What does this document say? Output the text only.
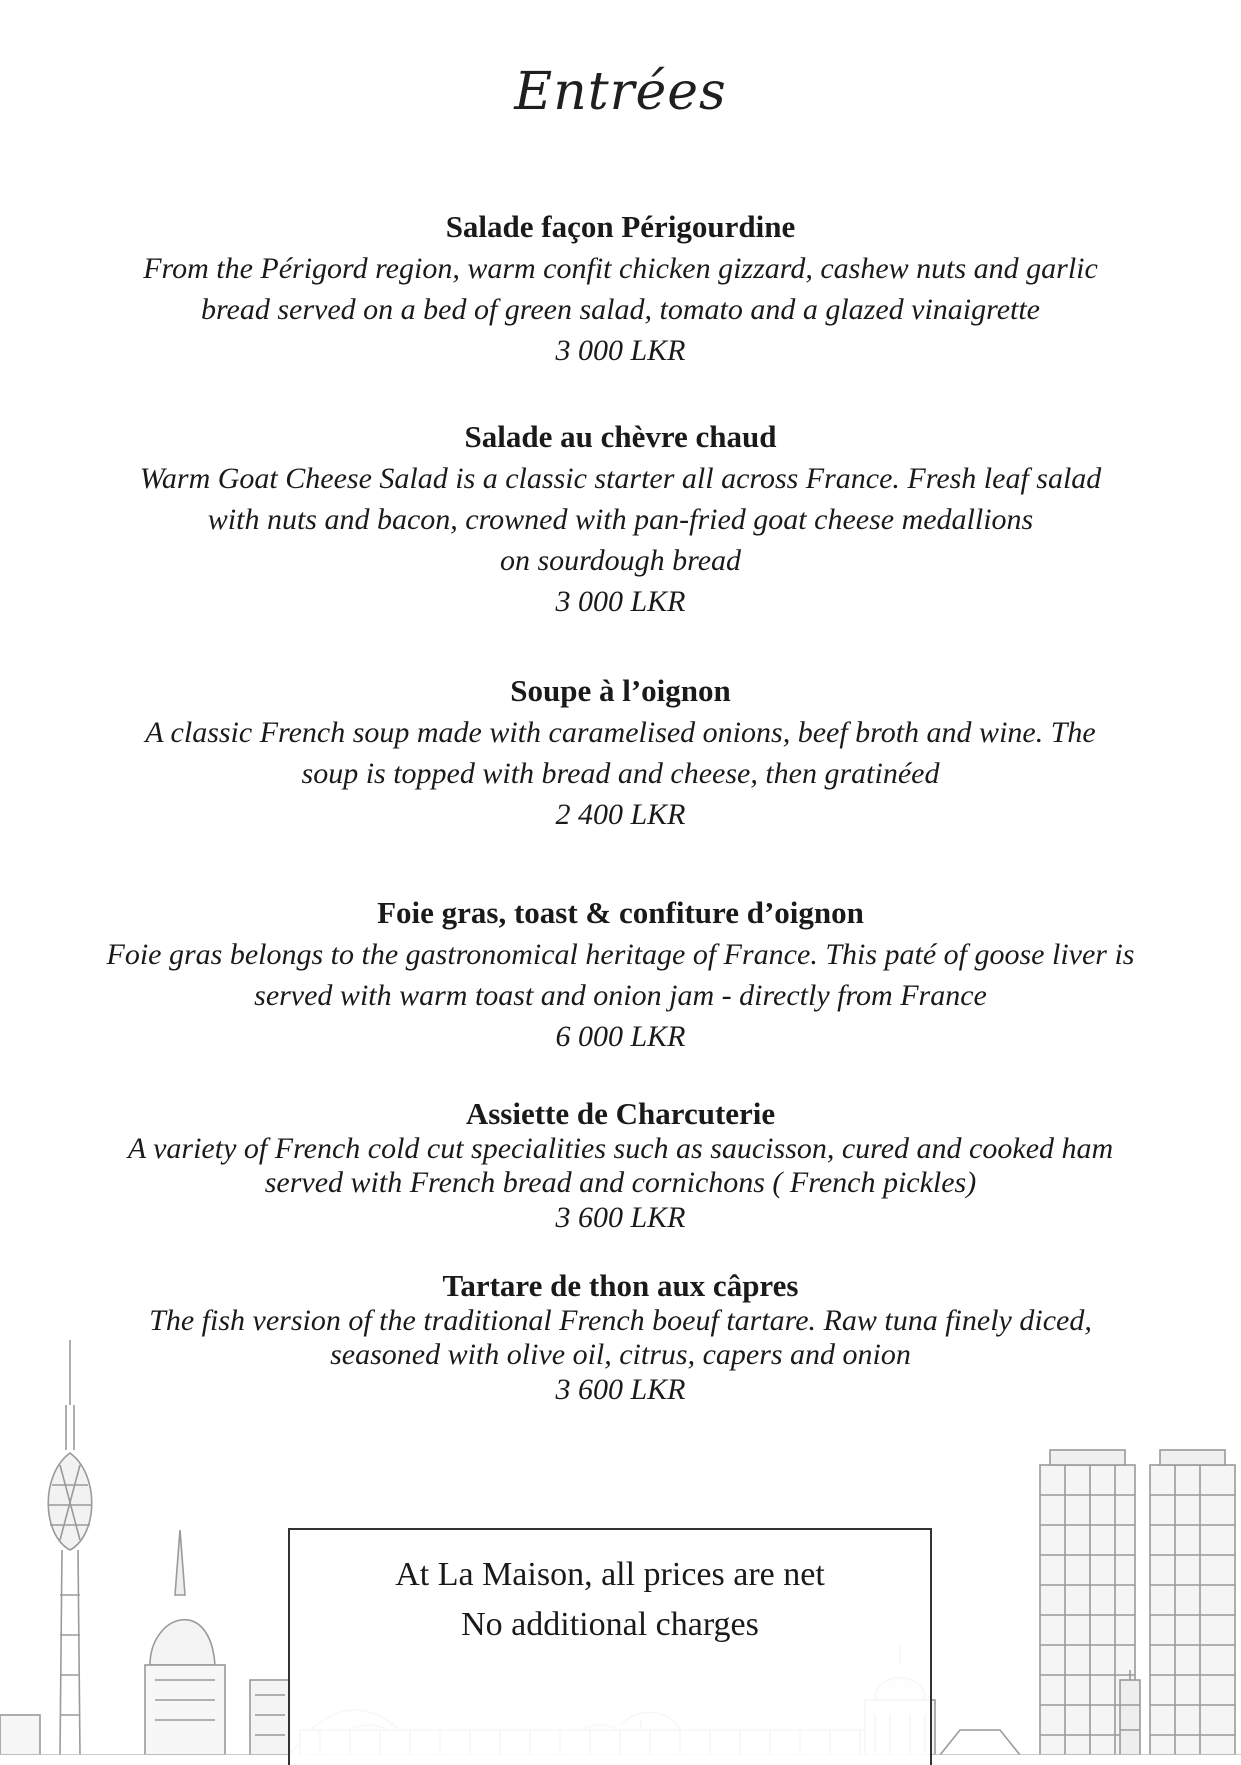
Entrées
Salade façon Périgourdine
From the Périgord region, warm confit chicken gizzard, cashew nuts and garlic
bread served on a bed of green salad, tomato and a glazed vinaigrette
3 000 LKR
Salade au chèvre chaud
Warm Goat Cheese Salad is a classic starter all across France. Fresh leaf salad
with nuts and bacon, crowned with pan-fried goat cheese medallions
on sourdough bread
3 000 LKR
Soupe à l’oignon
A classic French soup made with caramelised onions, beef broth and wine. The
soup is topped with bread and cheese, then gratinéed
2 400 LKR
Foie gras, toast & confiture d’oignon
Foie gras belongs to the gastronomical heritage of France. This paté of goose liver is
served with warm toast and onion jam - directly from France
6 000 LKR
Assiette de Charcuterie
A variety of French cold cut specialities such as saucisson, cured and cooked ham
served with French bread and cornichons ( French pickles)
3 600 LKR
Tartare de thon aux câpres
The fish version of the traditional French boeuf tartare. Raw tuna finely diced,
seasoned with olive oil, citrus, capers and onion
3 600 LKR
At La Maison, all prices are net
No additional charges
